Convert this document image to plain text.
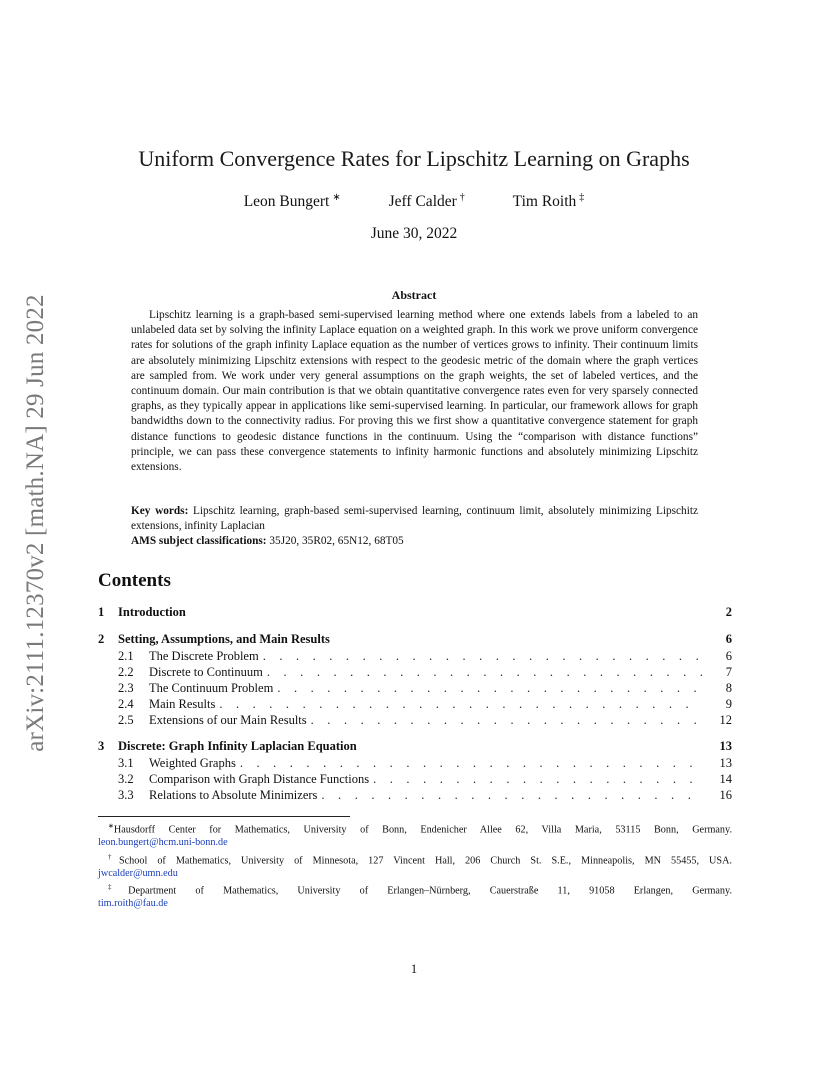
arXiv:2111.12370v2 [math.NA] 29 Jun 2022
Uniform Convergence Rates for Lipschitz Learning on Graphs
Leon Bungert ∗	Jeff Calder †	Tim Roith ‡
June 30, 2022
Abstract
Lipschitz learning is a graph-based semi-supervised learning method where one extends labels from a labeled to an unlabeled data set by solving the infinity Laplace equation on a weighted graph. In this work we prove uniform convergence rates for solutions of the graph infinity Laplace equation as the number of vertices grows to infinity. Their continuum limits are absolutely minimizing Lipschitz extensions with respect to the geodesic metric of the domain where the graph vertices are sampled from. We work under very general assumptions on the graph weights, the set of labeled vertices, and the continuum domain. Our main contribution is that we obtain quantitative convergence rates even for very sparsely connected graphs, as they typically appear in applications like semi-supervised learning. In particular, our framework allows for graph bandwidths down to the connectivity radius. For proving this we first show a quantitative convergence statement for graph distance functions to geodesic distance functions in the continuum. Using the “comparison with distance functions” principle, we can pass these convergence statements to infinity harmonic functions and absolutely minimizing Lipschitz extensions.
Key words: Lipschitz learning, graph-based semi-supervised learning, continuum limit, absolutely minimizing Lipschitz extensions, infinity Laplacian
AMS subject classifications: 35J20, 35R02, 65N12, 68T05
Contents
1	Introduction	2
2	Setting, Assumptions, and Main Results	6
2.1	The Discrete Problem . . .	6
2.2	Discrete to Continuum . . .	7
2.3	The Continuum Problem . . .	8
2.4	Main Results . . .	9
2.5	Extensions of our Main Results . . .	12
3	Discrete: Graph Infinity Laplacian Equation	13
3.1	Weighted Graphs . . .	13
3.2	Comparison with Graph Distance Functions . . .	14
3.3	Relations to Absolute Minimizers . . .	16
∗Hausdorff Center for Mathematics, University of Bonn, Endenicher Allee 62, Villa Maria, 53115 Bonn, Germany.
leon.bungert@hcm.uni-bonn.de
†School of Mathematics, University of Minnesota, 127 Vincent Hall, 206 Church St. S.E., Minneapolis, MN 55455, USA.
jwcalder@umn.edu
‡Department of Mathematics, University of Erlangen–Nürnberg, Cauerstraße 11, 91058 Erlangen, Germany.
tim.roith@fau.de
1
